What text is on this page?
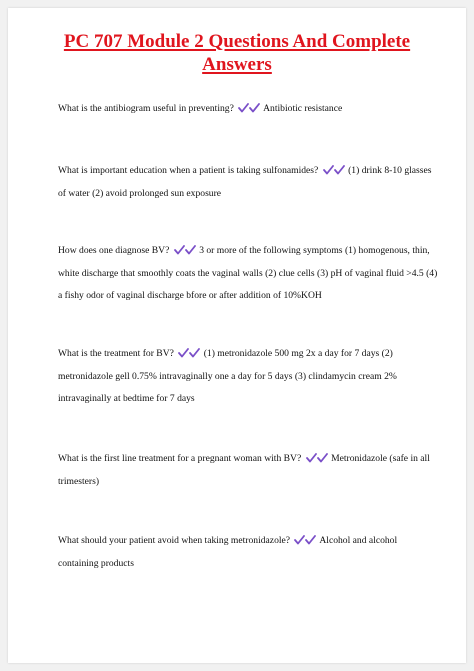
PC 707 Module 2 Questions And Complete Answers

What is the antibiogram useful in preventing?	Antibiotic resistance

What is important education when a patient is taking sulfonamides?	(1) drink 8-10 glasses of water (2) avoid prolonged sun exposure

How does one diagnose BV?	3 or more of the following symptoms (1) homogenous, thin, white discharge that smoothly coats the vaginal walls (2) clue cells (3) pH of vaginal fluid >4.5 (4) a fishy odor of vaginal discharge bfore or after addition of 10%KOH

What is the treatment for BV?	(1) metronidazole 500 mg 2x a day for 7 days (2) metronidazole gell 0.75% intravaginally one a day for 5 days (3) clindamycin cream 2% intravaginally at bedtime for 7 days

What is the first line treatment for a pregnant woman with BV?	Metronidazole (safe in all trimesters)

What should your patient avoid when taking metronidazole?	Alcohol and alcohol containing products
